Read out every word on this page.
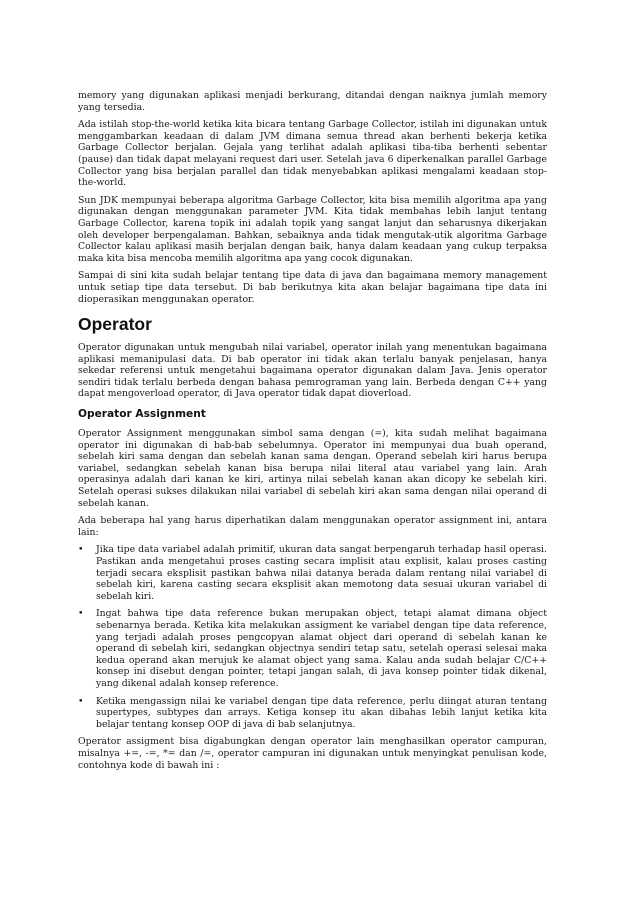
memory yang digunakan aplikasi menjadi berkurang, ditandai dengan naiknya jumlah memory yang tersedia.

Ada istilah stop-the-world ketika kita bicara tentang Garbage Collector, istilah ini digunakan untuk menggambarkan keadaan di dalam JVM dimana semua thread akan berhenti bekerja ketika Garbage Collector berjalan. Gejala yang terlihat adalah aplikasi tiba-tiba berhenti sebentar (pause) dan tidak dapat melayani request dari user. Setelah java 6 diperkenalkan parallel Garbage Collector yang bisa berjalan parallel dan tidak menyebabkan aplikasi mengalami keadaan stop-the-world.

Sun JDK mempunyai beberapa algoritma Garbage Collector, kita bisa memilih algoritma apa yang digunakan dengan menggunakan parameter JVM. Kita tidak membahas lebih lanjut tentang Garbage Collector, karena topik ini adalah topik yang sangat lanjut dan seharusnya dikerjakan oleh developer berpengalaman. Bahkan, sebaiknya anda tidak mengutak-utik algoritma Garbage Collector kalau aplikasi masih berjalan dengan baik, hanya dalam keadaan yang cukup terpaksa maka kita bisa mencoba memilih algoritma apa yang cocok digunakan.

Sampai di sini kita sudah belajar tentang tipe data di java dan bagaimana memory management untuk setiap tipe data tersebut. Di bab berikutnya kita akan belajar bagaimana tipe data ini dioperasikan menggunakan operator.

Operator

Operator digunakan untuk mengubah nilai variabel, operator inilah yang menentukan bagaimana aplikasi memanipulasi data. Di bab operator ini tidak akan terlalu banyak penjelasan, hanya sekedar referensi untuk mengetahui bagaimana operator digunakan dalam Java. Jenis operator sendiri tidak terlalu berbeda dengan bahasa pemrograman yang lain. Berbeda dengan C++ yang dapat mengoverload operator, di Java operator tidak dapat dioverload.

Operator Assignment

Operator Assignment menggunakan simbol sama dengan (=), kita sudah melihat bagaimana operator ini digunakan di bab-bab sebelumnya. Operator ini mempunyai dua buah operand, sebelah kiri sama dengan dan sebelah kanan sama dengan. Operand sebelah kiri harus berupa variabel, sedangkan sebelah kanan bisa berupa nilai literal atau variabel yang lain. Arah operasinya adalah dari kanan ke kiri, artinya nilai sebelah kanan akan dicopy ke sebelah kiri. Setelah operasi sukses dilakukan nilai variabel di sebelah kiri akan sama dengan nilai operand di sebelah kanan.

Ada beberapa hal yang harus diperhatikan dalam menggunakan operator assignment ini, antara lain:

• Jika tipe data variabel adalah primitif, ukuran data sangat berpengaruh terhadap hasil operasi. Pastikan anda mengetahui proses casting secara implisit atau explisit, kalau proses casting terjadi secara eksplisit pastikan bahwa nilai datanya berada dalam rentang nilai variabel di sebelah kiri, karena casting secara eksplisit akan memotong data sesuai ukuran variabel di sebelah kiri.
• Ingat bahwa tipe data reference bukan merupakan object, tetapi alamat dimana object sebenarnya berada. Ketika kita melakukan assigment ke variabel dengan tipe data reference, yang terjadi adalah proses pengcopyan alamat object dari operand di sebelah kanan ke operand di sebelah kiri, sedangkan objectnya sendiri tetap satu, setelah operasi selesai maka kedua operand akan merujuk ke alamat object yang sama. Kalau anda sudah belajar C/C++ konsep ini disebut dengan pointer, tetapi jangan salah, di java konsep pointer tidak dikenal, yang dikenal adalah konsep reference.
• Ketika mengassign nilai ke variabel dengan tipe data reference, perlu diingat aturan tentang supertypes, subtypes dan arrays. Ketiga konsep itu akan dibahas lebih lanjut ketika kita belajar tentang konsep OOP di java di bab selanjutnya.

Operator assigment bisa digabungkan dengan operator lain menghasilkan operator campuran, misalnya +=, -=, *= dan /=, operator campuran ini digunakan untuk menyingkat penulisan kode, contohnya kode di bawah ini :
